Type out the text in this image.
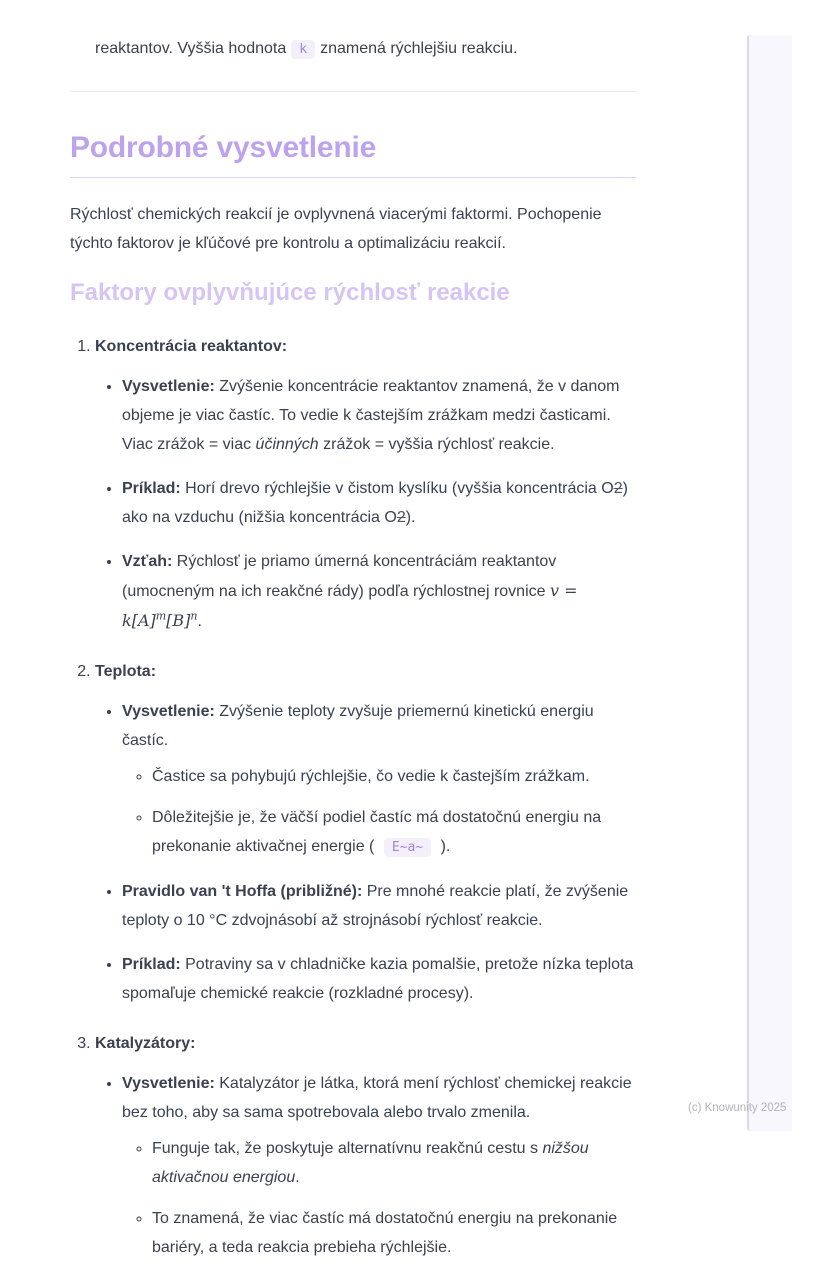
reaktantov. Vyššia hodnota k znamená rýchlejšiu reakciu.

Podrobné vysvetlenie

Rýchlosť chemických reakcií je ovplyvnená viacerými faktormi. Pochopenie týchto faktorov je kľúčové pre kontrolu a optimalizáciu reakcií.

Faktory ovplyvňujúce rýchlosť reakcie
1. Koncentrácia reaktantov:
• Vysvetlenie: Zvýšenie koncentrácie reaktantov znamená, že v danom objeme je viac častíc. To vedie k častejším zrážkam medzi časticami. Viac zrážok = viac účinných zrážok = vyššia rýchlosť reakcie.
• Príklad: Horí drevo rýchlejšie v čistom kyslíku (vyššia koncentrácia O2) ako na vzduchu (nižšia koncentrácia O2).
• Vzťah: Rýchlosť je priamo úmerná koncentráciám reaktantov (umocneným na ich reakčné rády) podľa rýchlostnej rovnice $v = k[A]^m[B]^n$.
2. Teplota:
• Vysvetlenie: Zvýšenie teploty zvyšuje priemernú kinetickú energiu častíc.
◦ Častice sa pohybujú rýchlejšie, čo vedie k častejším zrážkam.
◦ Dôležitejšie je, že väčší podiel častíc má dostatočnú energiu na prekonanie aktivačnej energie ( E~a~ ).
• Pravidlo van 't Hoffa (približné): Pre mnohé reakcie platí, že zvýšenie teploty o 10 °C zdvojnásobí až strojnásobí rýchlosť reakcie.
• Príklad: Potraviny sa v chladničke kazia pomalšie, pretože nízka teplota spomaľuje chemické reakcie (rozkladné procesy).
3. Katalyzátory:
• Vysvetlenie: Katalyzátor je látka, ktorá mení rýchlosť chemickej reakcie bez toho, aby sa sama spotrebovala alebo trvalo zmenila.
◦ Funguje tak, že poskytuje alternatívnu reakčnú cestu s nižšou aktivačnou energiou.
◦ To znamená, že viac častíc má dostatočnú energiu na prekonanie bariéry, a teda reakcia prebieha rýchlejšie.
(c) Knowunity 2025
